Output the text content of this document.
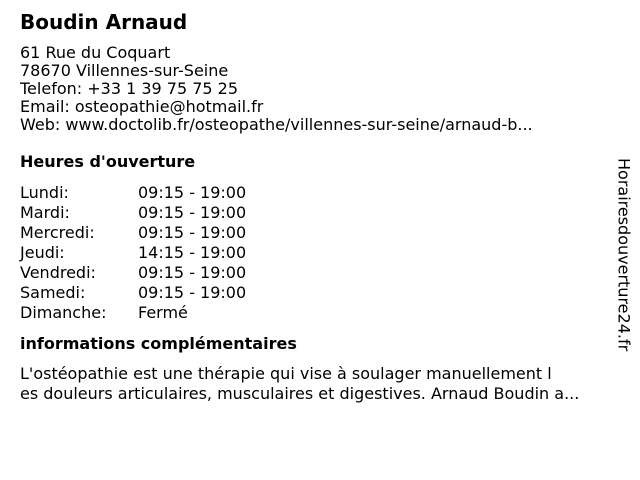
Boudin Arnaud
61 Rue du Coquart
78670 Villennes-sur-Seine
Telefon: +33 1 39 75 75 25
Email: osteopathie@hotmail.fr
Web: www.doctolib.fr/osteopathe/villennes-sur-seine/arnaud-b...
Heures d'ouverture
Lundi:	09:15 - 19:00
Mardi:	09:15 - 19:00
Mercredi:	09:15 - 19:00
Jeudi:	14:15 - 19:00
Vendredi:	09:15 - 19:00
Samedi:	09:15 - 19:00
Dimanche:	Fermé
informations complémentaires
L'ostéopathie est une thérapie qui vise à soulager manuellement l
es douleurs articulaires, musculaires et digestives. Arnaud Boudin a...
Horairesdouverture24.fr
